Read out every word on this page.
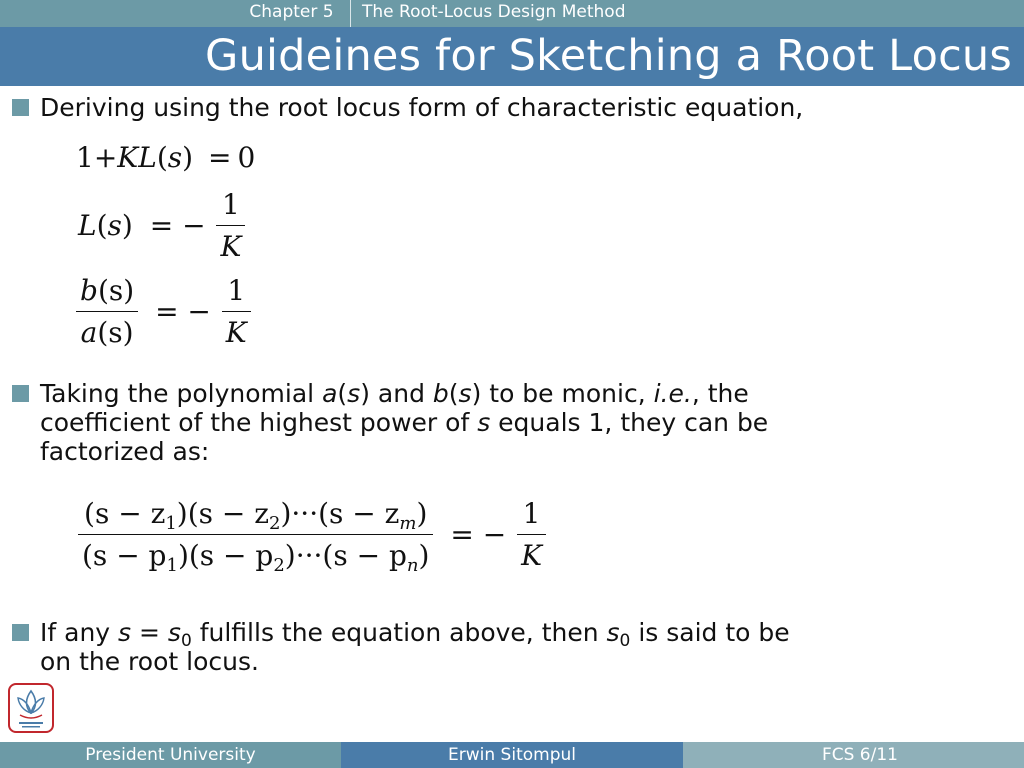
Chapter 5	The Root-Locus Design Method
Guideines for Sketching a Root Locus
Deriving using the root locus form of characteristic equation,
1+KL(s) = 0
L(s) = − $\frac{1}{K}$
$\frac{b(s)}{a(s)}$ = − $\frac{1}{K}$
Taking the polynomial a(s) and b(s) to be monic, i.e., the
coefficient of the highest power of s equals 1, they can be
factorized as:
$\frac{(s - z_1)(s - z_2)\cdot\cdot\cdot(s - z_m)}{(s - p_1)(s - p_2)\cdot\cdot\cdot(s - p_n)}$ = − $\frac{1}{K}$
If any $s = s_0$ fulfills the equation above, then $s_0$ is said to be
on the root locus.
President University	Erwin Sitompul	FCS 6/11
